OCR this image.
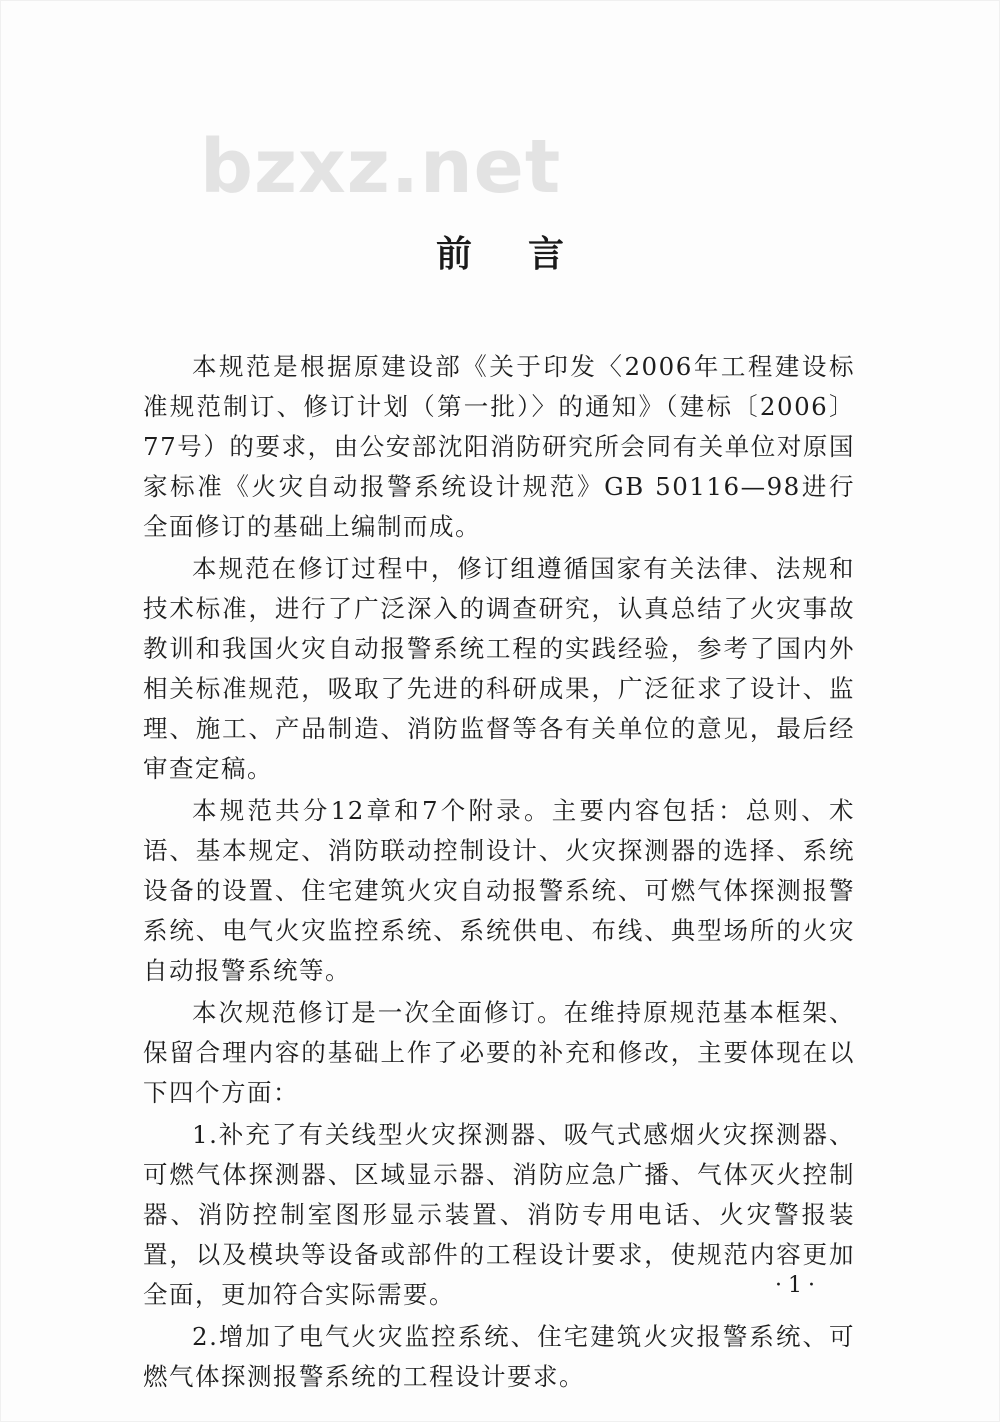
bzxz.net
前言

本规范是根据原建设部《关于印发〈2006年工程建设标准规范制订、修订计划（第一批）〉的通知》（建标〔2006〕77号）的要求，由公安部沈阳消防研究所会同有关单位对原国家标准《火灾自动报警系统设计规范》GB 50116—98进行全面修订的基础上编制而成。

本规范在修订过程中，修订组遵循国家有关法律、法规和技术标准，进行了广泛深入的调查研究，认真总结了火灾事故教训和我国火灾自动报警系统工程的实践经验，参考了国内外相关标准规范，吸取了先进的科研成果，广泛征求了设计、监理、施工、产品制造、消防监督等各有关单位的意见，最后经审查定稿。

本规范共分12章和7个附录。主要内容包括：总则、术语、基本规定、消防联动控制设计、火灾探测器的选择、系统设备的设置、住宅建筑火灾自动报警系统、可燃气体探测报警系统、电气火灾监控系统、系统供电、布线、典型场所的火灾自动报警系统等。

本次规范修订是一次全面修订。在维持原规范基本框架、保留合理内容的基础上作了必要的补充和修改，主要体现在以下四个方面：

1.补充了有关线型火灾探测器、吸气式感烟火灾探测器、可燃气体探测器、区域显示器、消防应急广播、气体灭火控制器、消防控制室图形显示装置、消防专用电话、火灾警报装置，以及模块等设备或部件的工程设计要求，使规范内容更加全面，更加符合实际需要。

2.增加了电气火灾监控系统、住宅建筑火灾报警系统、可燃气体探测报警系统的工程设计要求。

·1·
